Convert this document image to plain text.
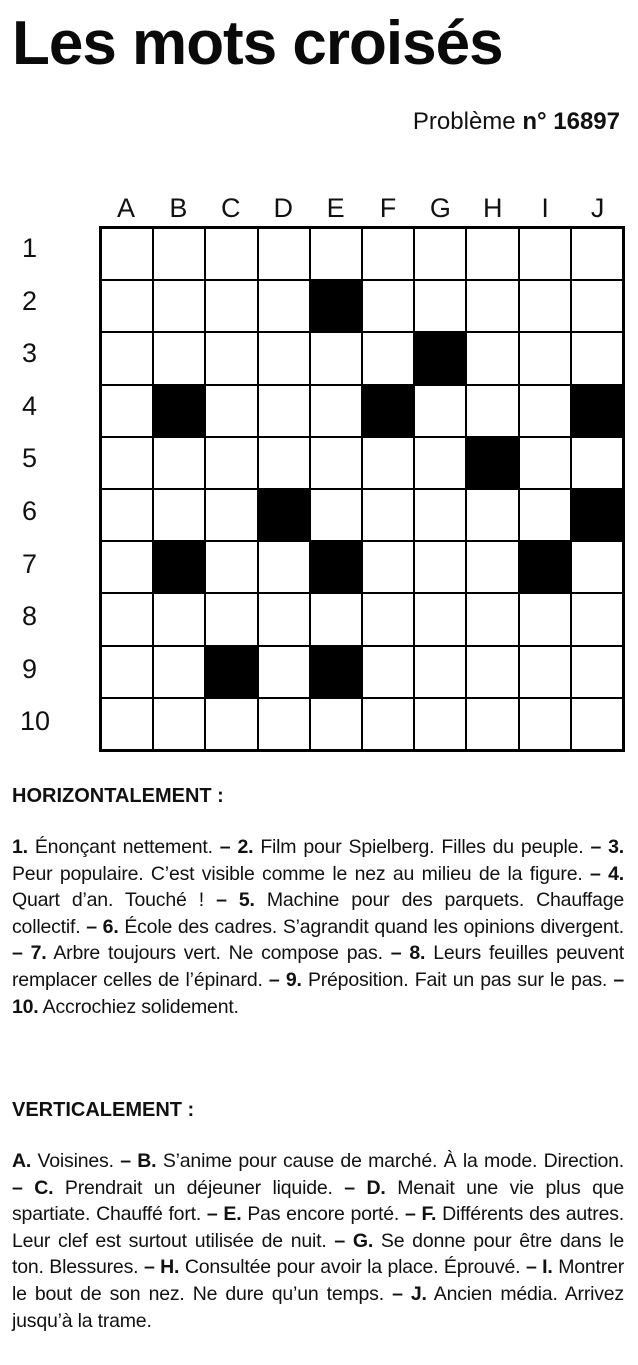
Les mots croisés
Problème n° 16897
A	B	C	D	E	F	G	H	I	J
1
2
3
4
5
6
7
8
9
10
HORIZONTALEMENT :

1. Énonçant nettement. – 2. Film pour Spielberg. Filles du peuple. – 3. Peur populaire. C’est visible comme le nez au milieu de la figure. – 4. Quart d’an. Touché ! – 5. Machine pour des parquets. Chauffage collectif. – 6. École des cadres. S’agrandit quand les opinions divergent. – 7. Arbre toujours vert. Ne compose pas. – 8. Leurs feuilles peuvent remplacer celles de l’épinard. – 9. Préposition. Fait un pas sur le pas. – 10. Accrochiez solidement.

VERTICALEMENT :

A. Voisines. – B. S’anime pour cause de marché. À la mode. Direction. – C. Prendrait un déjeuner liquide. – D. Menait une vie plus que spartiate. Chauffé fort. – E. Pas encore porté. – F. Différents des autres. Leur clef est surtout utilisée de nuit. – G. Se donne pour être dans le ton. Blessures. – H. Consultée pour avoir la place. Éprouvé. – I. Montrer le bout de son nez. Ne dure qu’un temps. – J. Ancien média. Arrivez jusqu’à la trame.
